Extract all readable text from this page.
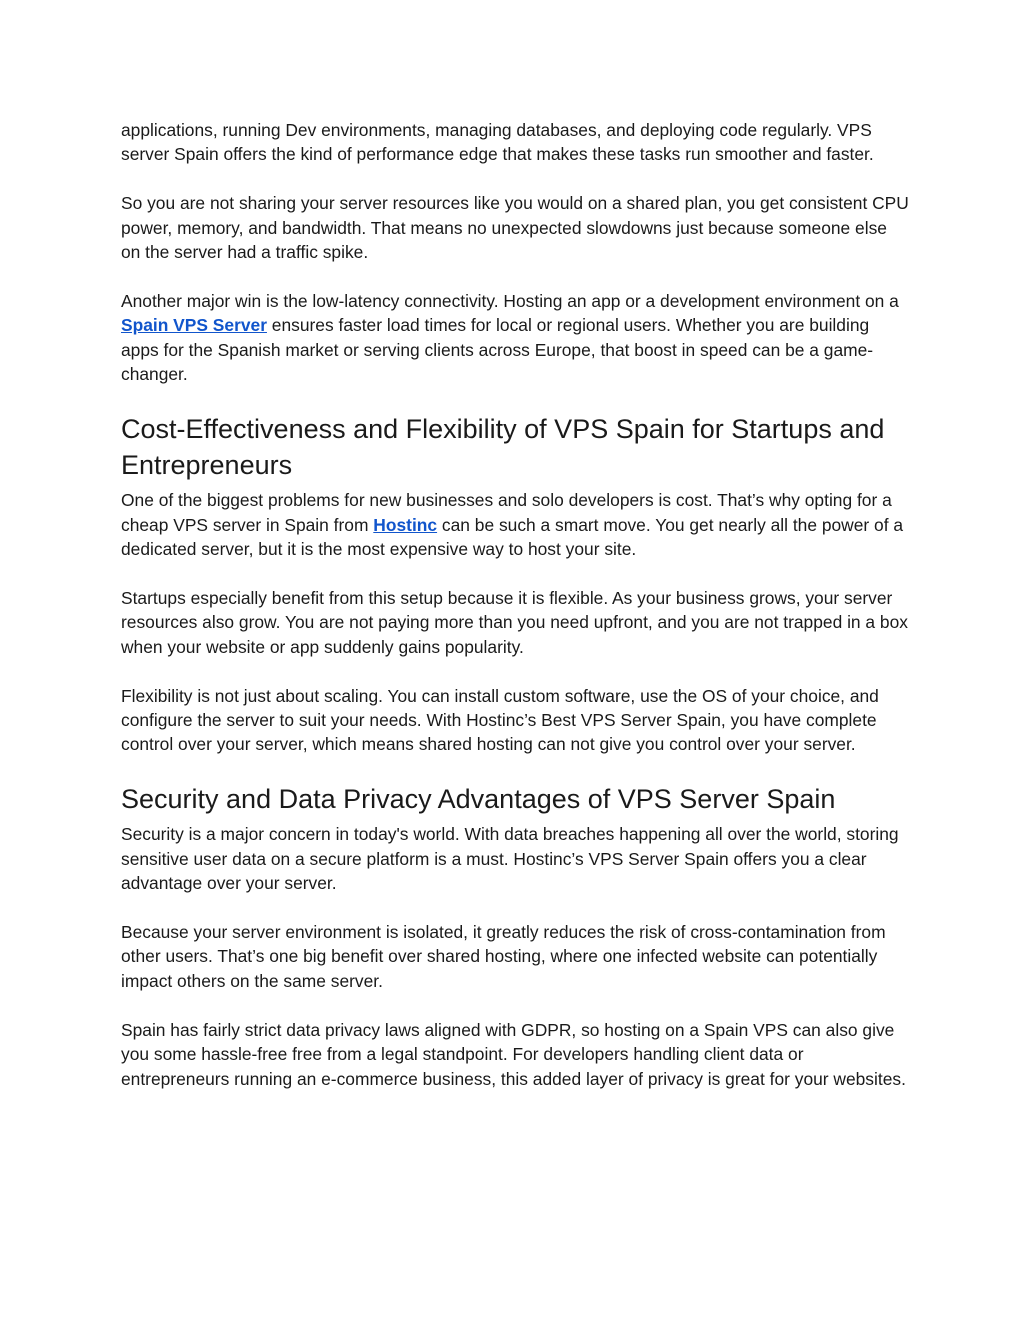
applications, running Dev environments, managing databases, and deploying code regularly. VPS server Spain offers the kind of performance edge that makes these tasks run smoother and faster.

So you are not sharing your server resources like you would on a shared plan, you get consistent CPU power, memory, and bandwidth. That means no unexpected slowdowns just because someone else on the server had a traffic spike.

Another major win is the low-latency connectivity. Hosting an app or a development environment on a Spain VPS Server ensures faster load times for local or regional users. Whether you are building apps for the Spanish market or serving clients across Europe, that boost in speed can be a game-changer.

Cost-Effectiveness and Flexibility of VPS Spain for Startups and Entrepreneurs

One of the biggest problems for new businesses and solo developers is cost. That’s why opting for a cheap VPS server in Spain from Hostinc can be such a smart move. You get nearly all the power of a dedicated server, but it is the most expensive way to host your site.

Startups especially benefit from this setup because it is flexible. As your business grows, your server resources also grow. You are not paying more than you need upfront, and you are not trapped in a box when your website or app suddenly gains popularity.

Flexibility is not just about scaling. You can install custom software, use the OS of your choice, and configure the server to suit your needs. With Hostinc’s Best VPS Server Spain, you have complete control over your server, which means shared hosting can not give you control over your server.

Security and Data Privacy Advantages of VPS Server Spain

Security is a major concern in today's world. With data breaches happening all over the world, storing sensitive user data on a secure platform is a must. Hostinc’s VPS Server Spain offers you a clear advantage over your server.

Because your server environment is isolated, it greatly reduces the risk of cross-contamination from other users. That’s one big benefit over shared hosting, where one infected website can potentially impact others on the same server.

Spain has fairly strict data privacy laws aligned with GDPR, so hosting on a Spain VPS can also give you some hassle-free free from a legal standpoint. For developers handling client data or entrepreneurs running an e-commerce business, this added layer of privacy is great for your websites.
